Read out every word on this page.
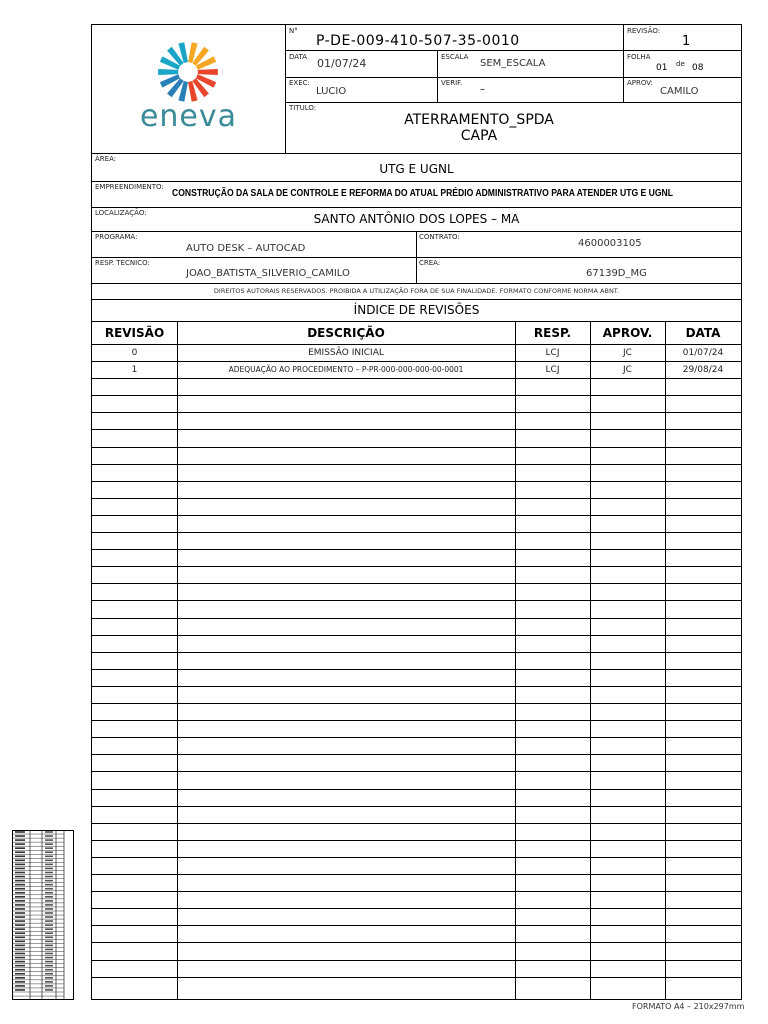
eneva
N°
P-DE-009-410-507-35-0010
REVISÃO:
1
DATA 01/07/24	ESCALA
SEM_ESCALA
FOLHA
01 de 08
EXEC:
LUCIO
VERIF.
–
APROV:
CAMILO
TITULO:
ATERRAMENTO_SPDA
CAPA
ÁREA:
UTG E UGNL
EMPREENDIMENTO:
CONSTRUÇÃO DA SALA DE CONTROLE E REFORMA DO ATUAL PRÉDIO ADMINISTRATIVO PARA ATENDER UTG E UGNL
LOCALIZAÇÃO:	SANTO ANTÔNIO DOS LOPES – MA
PROGRAMA:
AUTO DESK – AUTOCAD
CONTRATO:
4600003105
RESP. TECNICO:
JOAO_BATISTA_SILVERIO_CAMILO
CREA:
67139D_MG
DIREITOS AUTORAIS RESERVADOS. PROIBIDA A UTILIZAÇÃO FORA DE SUA FINALIDADE. FORMATO CONFORME NORMA ABNT.
ÍNDICE DE REVISÕES
REVISÃO	DESCRIÇÃO	RESP.	APROV.	DATA
0	EMISSÃO INICIAL	LCJ	JC	01/07/24
1	ADEQUAÇÃO AO PROCEDIMENTO – P-PR-000-000-000-00-0001	LCJ	JC	29/08/24
FORMATO A4 – 210x297mm
